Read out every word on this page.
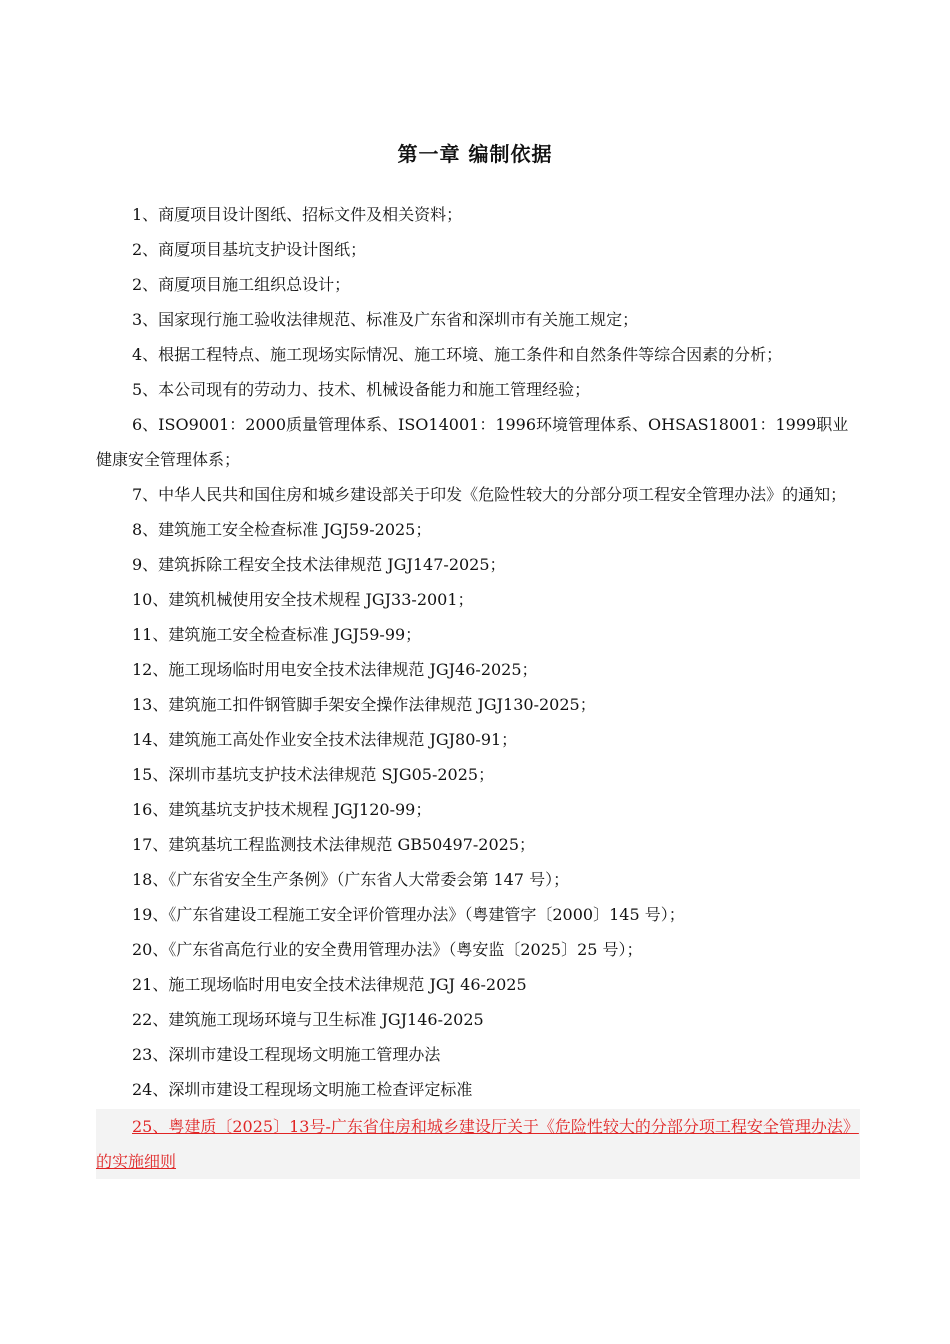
第一章 编制依据
1、商厦项目设计图纸、招标文件及相关资料；
2、商厦项目基坑支护设计图纸；
2、商厦项目施工组织总设计；
3、国家现行施工验收法律规范、标准及广东省和深圳市有关施工规定；
4、根据工程特点、施工现场实际情况、施工环境、施工条件和自然条件等综合因素的分析；
5、本公司现有的劳动力、技术、机械设备能力和施工管理经验；
6、ISO9001：2000质量管理体系、ISO14001：1996环境管理体系、OHSAS18001：1999职业健康安全管理体系；
7、中华人民共和国住房和城乡建设部关于印发《危险性较大的分部分项工程安全管理办法》的通知；
8、建筑施工安全检查标准 JGJ59-2025；
9、建筑拆除工程安全技术法律规范 JGJ147-2025；
10、建筑机械使用安全技术规程 JGJ33-2001；
11、建筑施工安全检查标准 JGJ59-99；
12、施工现场临时用电安全技术法律规范 JGJ46-2025；
13、建筑施工扣件钢管脚手架安全操作法律规范 JGJ130-2025；
14、建筑施工高处作业安全技术法律规范 JGJ80-91；
15、深圳市基坑支护技术法律规范 SJG05-2025；
16、建筑基坑支护技术规程 JGJ120-99；
17、建筑基坑工程监测技术法律规范 GB50497-2025；
18、《广东省安全生产条例》（广东省人大常委会第 147 号）；
19、《广东省建设工程施工安全评价管理办法》（粤建管字〔2000〕145 号）；
20、《广东省高危行业的安全费用管理办法》（粤安监〔2025〕25 号）；
21、施工现场临时用电安全技术法律规范 JGJ 46-2025
22、建筑施工现场环境与卫生标准 JGJ146-2025
23、深圳市建设工程现场文明施工管理办法
24、深圳市建设工程现场文明施工检查评定标准
25、粤建质〔2025〕13号-广东省住房和城乡建设厅关于《危险性较大的分部分项工程安全管理办法》的实施细则
